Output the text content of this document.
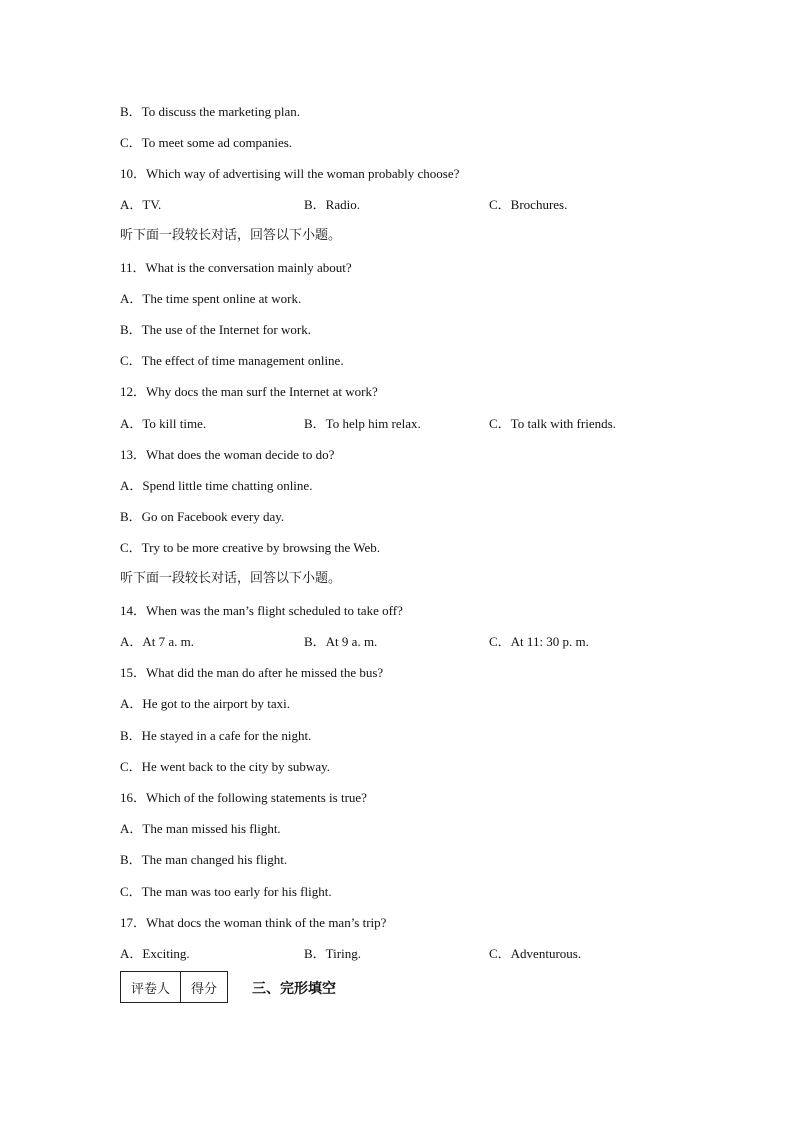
B．To discuss the marketing plan.
C．To meet some ad companies.
10．Which way of advertising will the woman probably choose?
A．TV.	B．Radio.	C．Brochures.
听下面一段较长对话，回答以下小题。
11．What is the conversation mainly about?
A．The time spent online at work.
B．The use of the Internet for work.
C．The effect of time management online.
12．Why docs the man surf the Internet at work?
A．To kill time.	B．To help him relax.	C．To talk with friends.
13．What does the woman decide to do?
A．Spend little time chatting online.
B．Go on Facebook every day.
C．Try to be more creative by browsing the Web.
听下面一段较长对话，回答以下小题。
14．When was the man’s flight scheduled to take off?
A．At 7 a. m.	B．At 9 a. m.	C．At 11: 30 p. m.
15．What did the man do after he missed the bus?
A．He got to the airport by taxi.
B．He stayed in a cafe for the night.
C．He went back to the city by subway.
16．Which of the following statements is true?
A．The man missed his flight.
B．The man changed his flight.
C．The man was too early for his flight.
17．What docs the woman think of the man’s trip?
A．Exciting.	B．Tiring.	C．Adventurous.
评卷人	得分 三、完形填空
